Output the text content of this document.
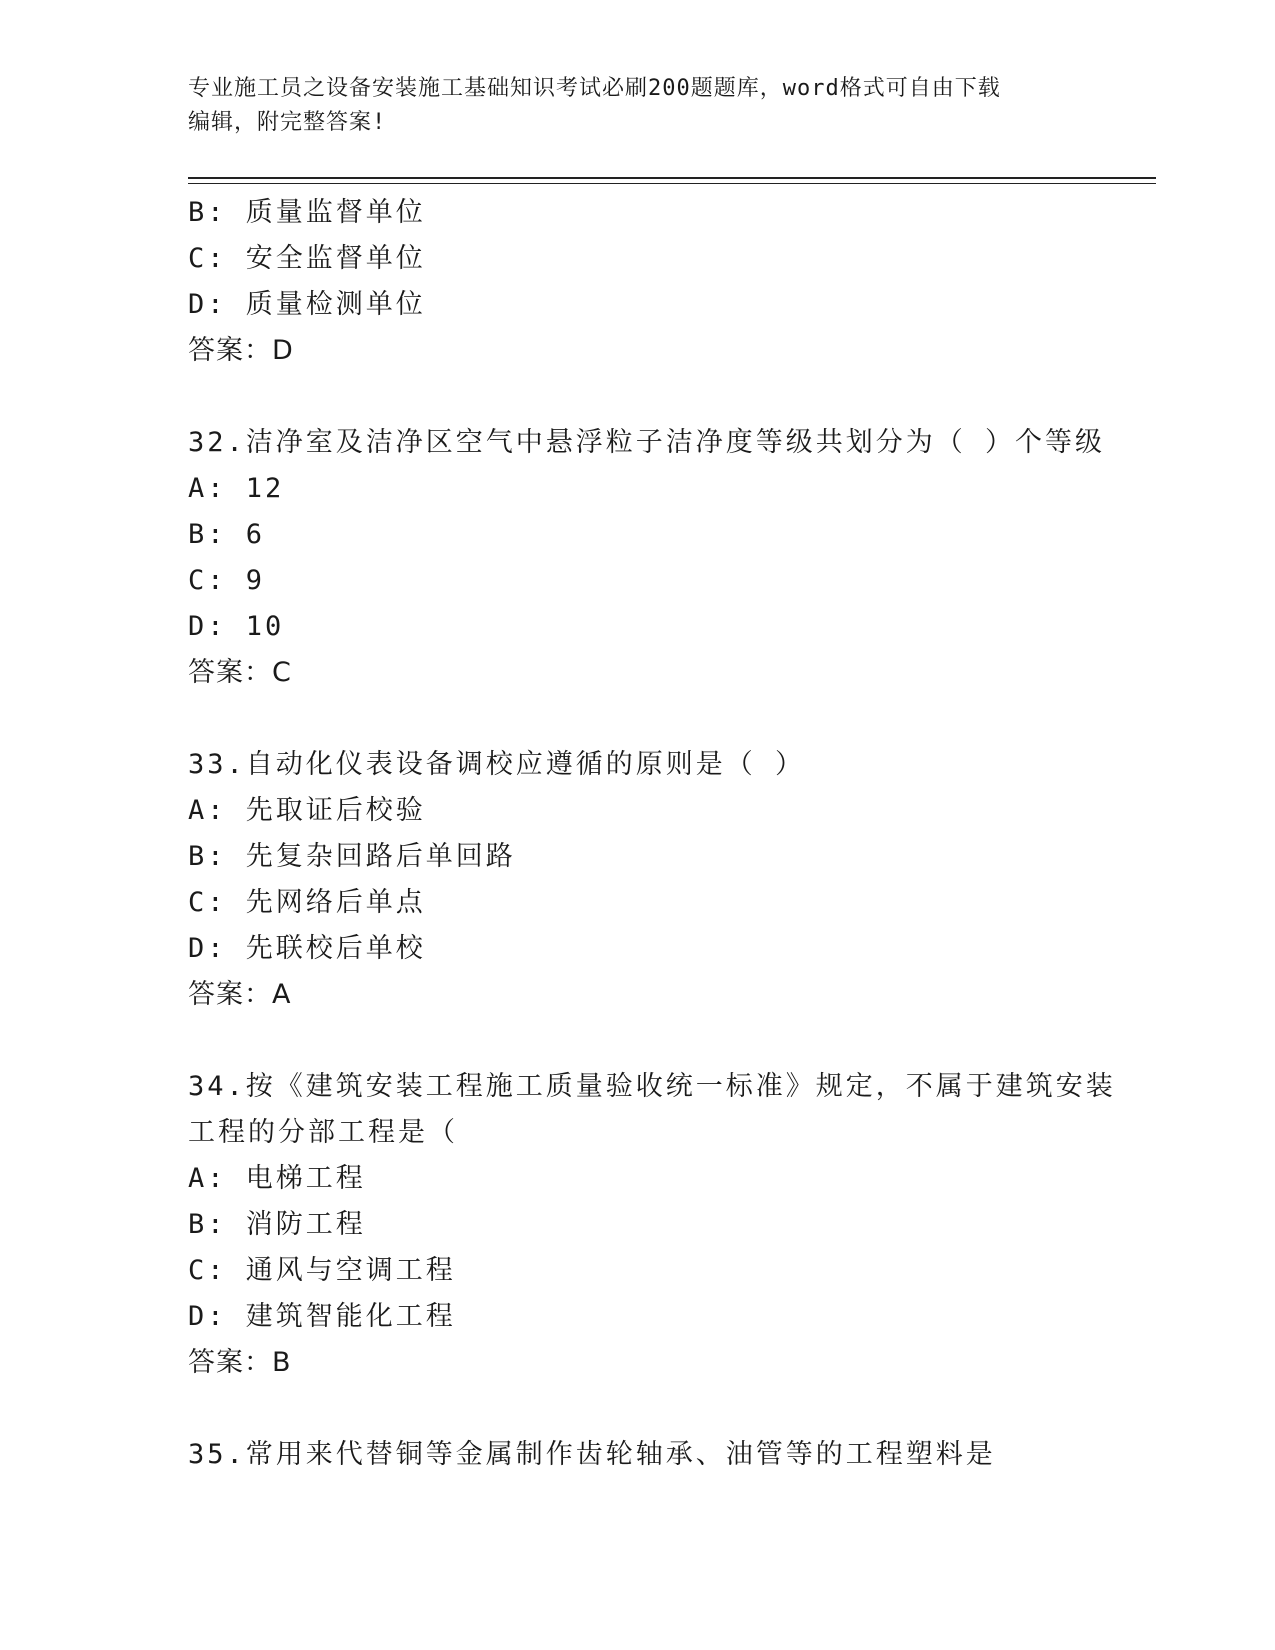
专业施工员之设备安装施工基础知识考试必刷200题题库，word格式可自由下载
编辑，附完整答案!
B: 质量监督单位
C: 安全监督单位
D: 质量检测单位
答案：D
32.洁净室及洁净区空气中悬浮粒子洁净度等级共划分为（ ）个等级
A: 12
B: 6
C: 9
D: 10
答案：C
33.自动化仪表设备调校应遵循的原则是（ ）
A: 先取证后校验
B: 先复杂回路后单回路
C: 先网络后单点
D: 先联校后单校
答案：A
34.按《建筑安装工程施工质量验收统一标准》规定，不属于建筑安装
工程的分部工程是（
A: 电梯工程
B: 消防工程
C: 通风与空调工程
D: 建筑智能化工程
答案：B
35.常用来代替铜等金属制作齿轮轴承、油管等的工程塑料是
